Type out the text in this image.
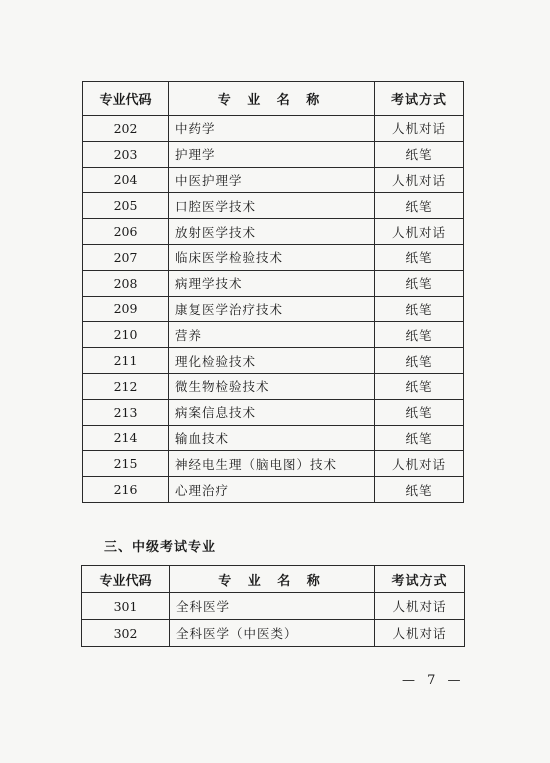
专业代码	专 业 名 称	考试方式
202	中药学	人机对话
203	护理学	纸笔
204	中医护理学	人机对话
205	口腔医学技术	纸笔
206	放射医学技术	人机对话
207	临床医学检验技术	纸笔
208	病理学技术	纸笔
209	康复医学治疗技术	纸笔
210	营养	纸笔
211	理化检验技术	纸笔
212	微生物检验技术	纸笔
213	病案信息技术	纸笔
214	输血技术	纸笔
215	神经电生理（脑电图）技术	人机对话
216	心理治疗	纸笔
三、中级考试专业
专业代码	专 业 名 称	考试方式
301	全科医学	人机对话
302	全科医学（中医类）	人机对话
— 7 —
